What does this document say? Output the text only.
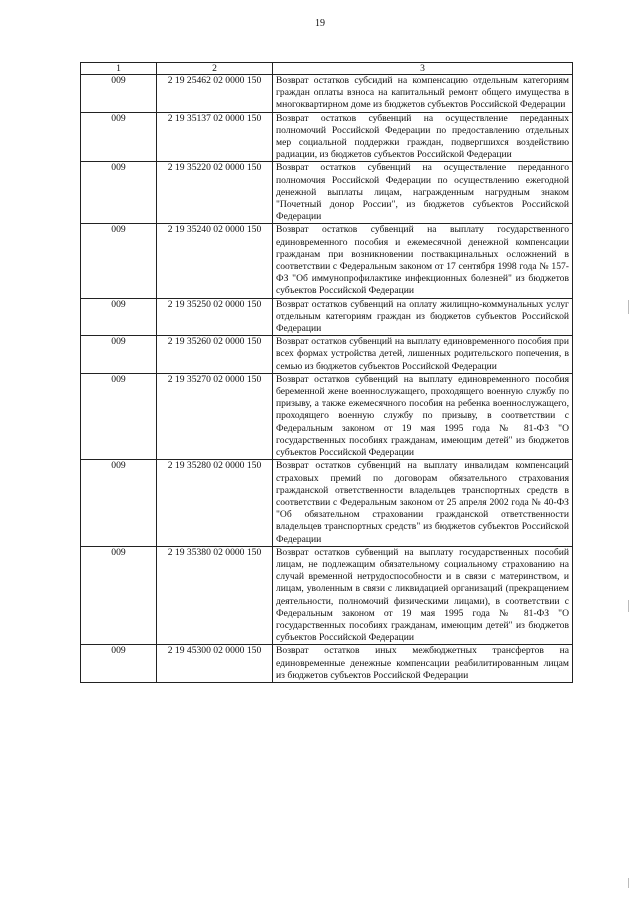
19
1	2	3
009	2 19 25462 02 0000 150	Возврат остатков субсидий на компенсацию отдельным категориям граждан оплаты взноса на капитальный ремонт общего имущества в многоквартирном доме из бюджетов субъектов Российской Федерации
009	2 19 35137 02 0000 150	Возврат остатков субвенций на осуществление переданных полномочий Российской Федерации по предоставлению отдельных мер социальной поддержки граждан, подвергшихся воздействию радиации, из бюджетов субъектов Российской Федерации
009	2 19 35220 02 0000 150	Возврат остатков субвенций на осуществление переданного полномочия Российской Федерации по осуществлению ежегодной денежной выплаты лицам, награжденным нагрудным знаком "Почетный донор России", из бюджетов субъектов Российской Федерации
009	2 19 35240 02 0000 150	Возврат остатков субвенций на выплату государственного единовременного пособия и ежемесячной денежной компенсации гражданам при возникновении поствакцинальных осложнений в соответствии с Федеральным законом от 17 сентября 1998 года № 157-ФЗ "Об иммунопрофилактике инфекционных болезней" из бюджетов субъектов Российской Федерации
009	2 19 35250 02 0000 150	Возврат остатков субвенций на оплату жилищно-коммунальных услуг отдельным категориям граждан из бюджетов субъектов Российской Федерации
009	2 19 35260 02 0000 150	Возврат остатков субвенций на выплату единовременного пособия при всех формах устройства детей, лишенных родительского попечения, в семью из бюджетов субъектов Российской Федерации
009	2 19 35270 02 0000 150	Возврат остатков субвенций на выплату единовременного пособия беременной жене военнослужащего, проходящего военную службу по призыву, а также ежемесячного пособия на ребенка военнослужащего, проходящего военную службу по призыву, в соответствии с Федеральным законом от 19 мая 1995 года № 81-ФЗ "О государственных пособиях гражданам, имеющим детей" из бюджетов субъектов Российской Федерации
009	2 19 35280 02 0000 150	Возврат остатков субвенций на выплату инвалидам компенсаций страховых премий по договорам обязательного страхования гражданской ответственности владельцев транспортных средств в соответствии с Федеральным законом от 25 апреля 2002 года № 40-ФЗ "Об обязательном страховании гражданской ответственности владельцев транспортных средств" из бюджетов субъектов Российской Федерации
009	2 19 35380 02 0000 150	Возврат остатков субвенций на выплату государственных пособий лицам, не подлежащим обязательному социальному страхованию на случай временной нетрудоспособности и в связи с материнством, и лицам, уволенным в связи с ликвидацией организаций (прекращением деятельности, полномочий физическими лицами), в соответствии с Федеральным законом от 19 мая 1995 года № 81-ФЗ "О государственных пособиях гражданам, имеющим детей" из бюджетов субъектов Российской Федерации
009	2 19 45300 02 0000 150	Возврат остатков иных межбюджетных трансфертов на единовременные денежные компенсации реабилитированным лицам из бюджетов субъектов Российской Федерации
